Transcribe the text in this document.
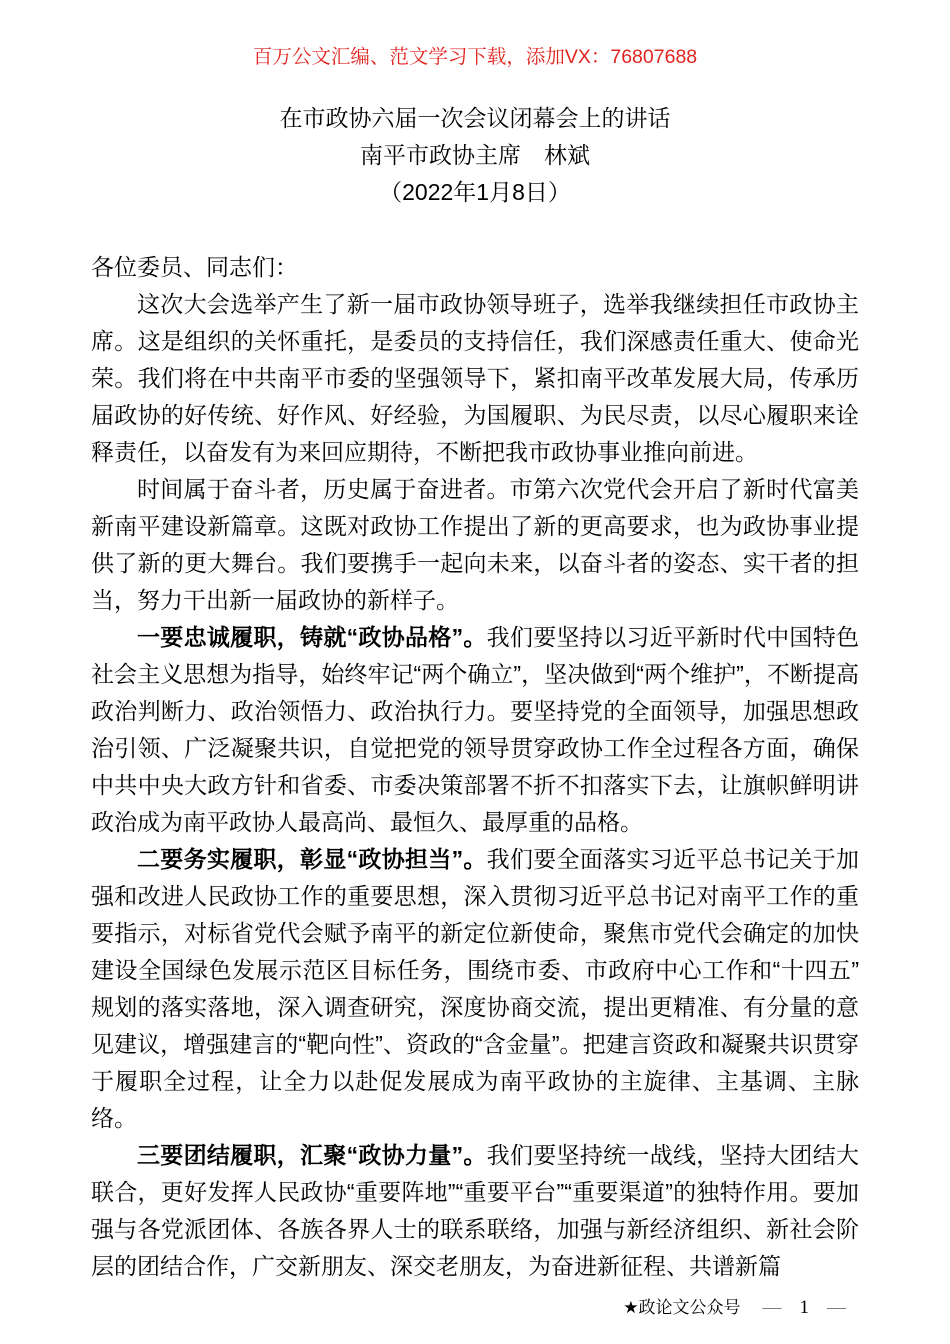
百万公文汇编、范文学习下载，添加VX：76807688
在市政协六届一次会议闭幕会上的讲话
南平市政协主席　林斌
（2022年1月8日）

各位委员、同志们：

这次大会选举产生了新一届市政协领导班子，选举我继续担任市政协主席。这是组织的关怀重托，是委员的支持信任，我们深感责任重大、使命光荣。我们将在中共南平市委的坚强领导下，紧扣南平改革发展大局，传承历届政协的好传统、好作风、好经验，为国履职、为民尽责，以尽心履职来诠释责任，以奋发有为来回应期待，不断把我市政协事业推向前进。

时间属于奋斗者，历史属于奋进者。市第六次党代会开启了新时代富美新南平建设新篇章。这既对政协工作提出了新的更高要求，也为政协事业提供了新的更大舞台。我们要携手一起向未来，以奋斗者的姿态、实干者的担当，努力干出新一届政协的新样子。

一要忠诚履职，铸就“政协品格”。我们要坚持以习近平新时代中国特色社会主义思想为指导，始终牢记“两个确立”，坚决做到“两个维护”，不断提高政治判断力、政治领悟力、政治执行力。要坚持党的全面领导，加强思想政治引领、广泛凝聚共识，自觉把党的领导贯穿政协工作全过程各方面，确保中共中央大政方针和省委、市委决策部署不折不扣落实下去，让旗帜鲜明讲政治成为南平政协人最高尚、最恒久、最厚重的品格。

二要务实履职，彰显“政协担当”。我们要全面落实习近平总书记关于加强和改进人民政协工作的重要思想，深入贯彻习近平总书记对南平工作的重要指示，对标省党代会赋予南平的新定位新使命，聚焦市党代会确定的加快建设全国绿色发展示范区目标任务，围绕市委、市政府中心工作和“十四五”规划的落实落地，深入调查研究，深度协商交流，提出更精准、有分量的意见建议，增强建言的“靶向性”、资政的“含金量”。把建言资政和凝聚共识贯穿于履职全过程，让全力以赴促发展成为南平政协的主旋律、主基调、主脉络。

三要团结履职，汇聚“政协力量”。我们要坚持统一战线，坚持大团结大联合，更好发挥人民政协“重要阵地”“重要平台”“重要渠道”的独特作用。要加强与各党派团体、各族各界人士的联系联络，加强与新经济组织、新社会阶层的团结合作，广交新朋友、深交老朋友，为奋进新征程、共谱新篇

★政论文公众号 — 1 —
